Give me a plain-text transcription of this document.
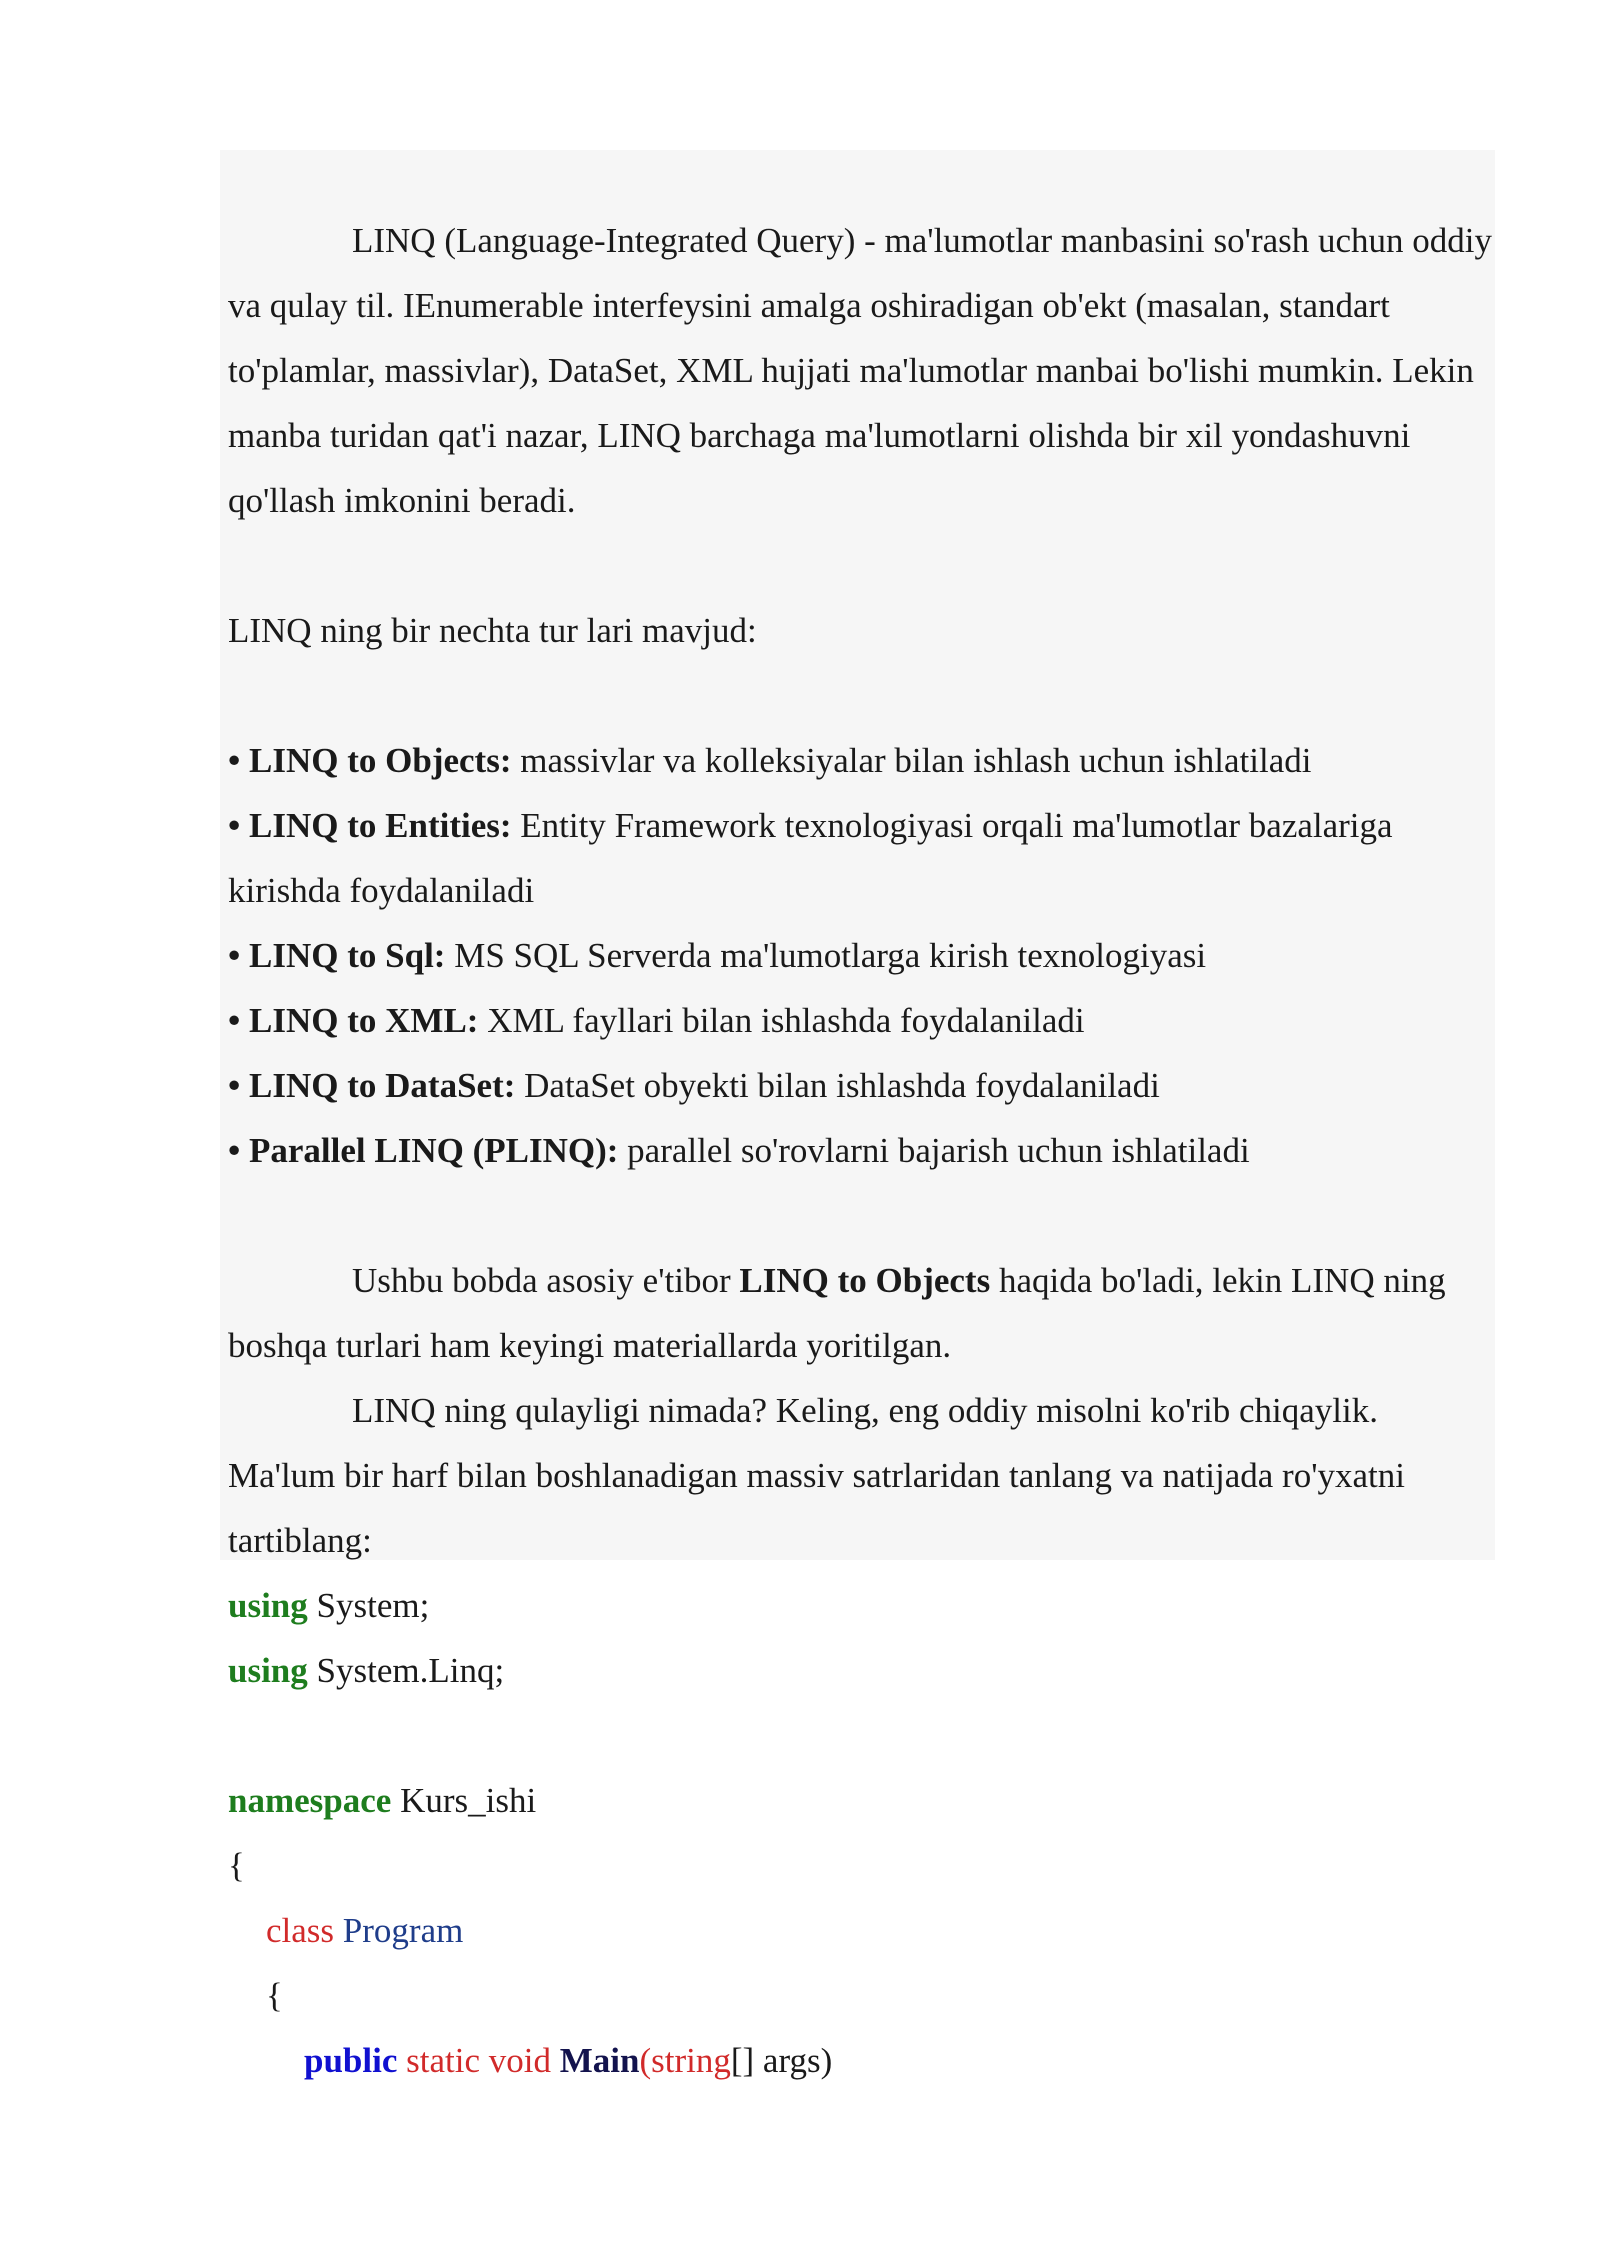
LINQ (Language-Integrated Query) - ma'lumotlar manbasini so'rash uchun oddiy va qulay til. IEnumerable interfeysini amalga oshiradigan ob'ekt (masalan, standart to'plamlar, massivlar), DataSet, XML hujjati ma'lumotlar manbai bo'lishi mumkin. Lekin manba turidan qat'i nazar, LINQ barchaga ma'lumotlarni olishda bir xil yondashuvni qo'llash imkonini beradi.

LINQ ning bir nechta tur lari mavjud:

• LINQ to Objects: massivlar va kolleksiyalar bilan ishlash uchun ishlatiladi

• LINQ to Entities: Entity Framework texnologiyasi orqali ma'lumotlar bazalariga kirishda foydalaniladi

• LINQ to Sql: MS SQL Serverda ma'lumotlarga kirish texnologiyasi

• LINQ to XML: XML fayllari bilan ishlashda foydalaniladi

• LINQ to DataSet: DataSet obyekti bilan ishlashda foydalaniladi

• Parallel LINQ (PLINQ): parallel so'rovlarni bajarish uchun ishlatiladi

Ushbu bobda asosiy e'tibor LINQ to Objects haqida bo'ladi, lekin LINQ ning boshqa turlari ham keyingi materiallarda yoritilgan.

LINQ ning qulayligi nimada? Keling, eng oddiy misolni ko'rib chiqaylik. Ma'lum bir harf bilan boshlanadigan massiv satrlaridan tanlang va natijada ro'yxatni tartiblang:

using System;
using System.Linq;
namespace Kurs_ishi
{
class Program
{
public static void Main(string[] args)
